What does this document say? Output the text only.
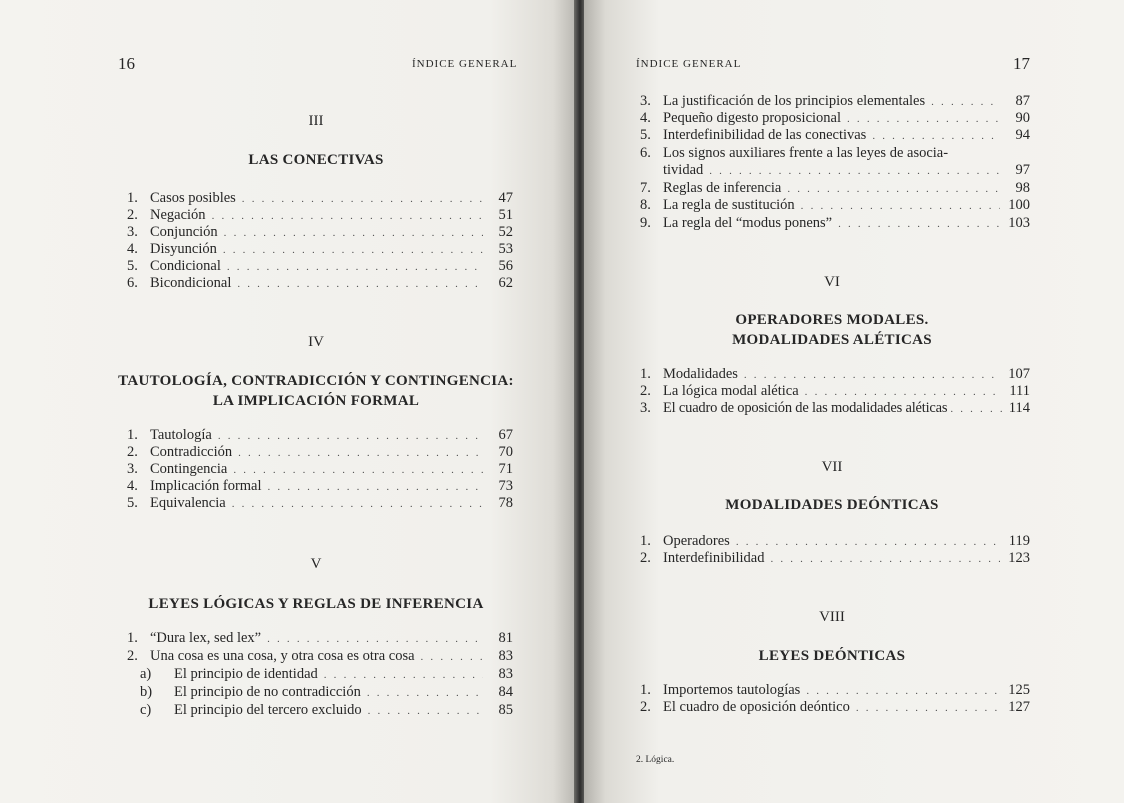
16	ÍNDICE GENERAL
III
LAS CONECTIVAS
1. Casos posibles . . .	47
2. Negación . . .	51
3. Conjunción . . .	52
4. Disyunción . . .	53
5. Condicional . . .	56
6. Bicondicional . . .	62
IV
TAUTOLOGÍA, CONTRADICCIÓN Y CONTINGENCIA:
LA IMPLICACIÓN FORMAL
1. Tautología . . .	67
2. Contradicción . . .	70
3. Contingencia . . .	71
4. Implicación formal . . .	73
5. Equivalencia . . .	78
V
LEYES LÓGICAS Y REGLAS DE INFERENCIA
1. “Dura lex, sed lex” . . .	81
2. Una cosa es una cosa, y otra cosa es otra cosa . . .	83
a)	El principio de identidad . . .	83
b)	El principio de no contradicción . . .	84
c)	El principio del tercero excluido . . .	85
ÍNDICE GENERAL	17
3. La justificación de los principios elementales . . .	87
4. Pequeño digesto proposicional . . .	90
5. Interdefinibilidad de las conectivas . . .	94
6. Los signos auxiliares frente a las leyes de asocia-
tividad . . .	97
7. Reglas de inferencia . . .	98
8. La regla de sustitución . . .	100
9. La regla del “modus ponens” . . .	103
VI
OPERADORES MODALES.
MODALIDADES ALÉTICAS
1. Modalidades . . .	107
2. La lógica modal alética . . .	111
3. El cuadro de oposición de las modalidades aléticas . . .	114
VII
MODALIDADES DEÓNTICAS
1. Operadores . . .	119
2. Interdefinibilidad . . .	123
VIII
LEYES DEÓNTICAS
1. Importemos tautologías . . .	125
2. El cuadro de oposición deóntico . . .	127
2. Lógica.
